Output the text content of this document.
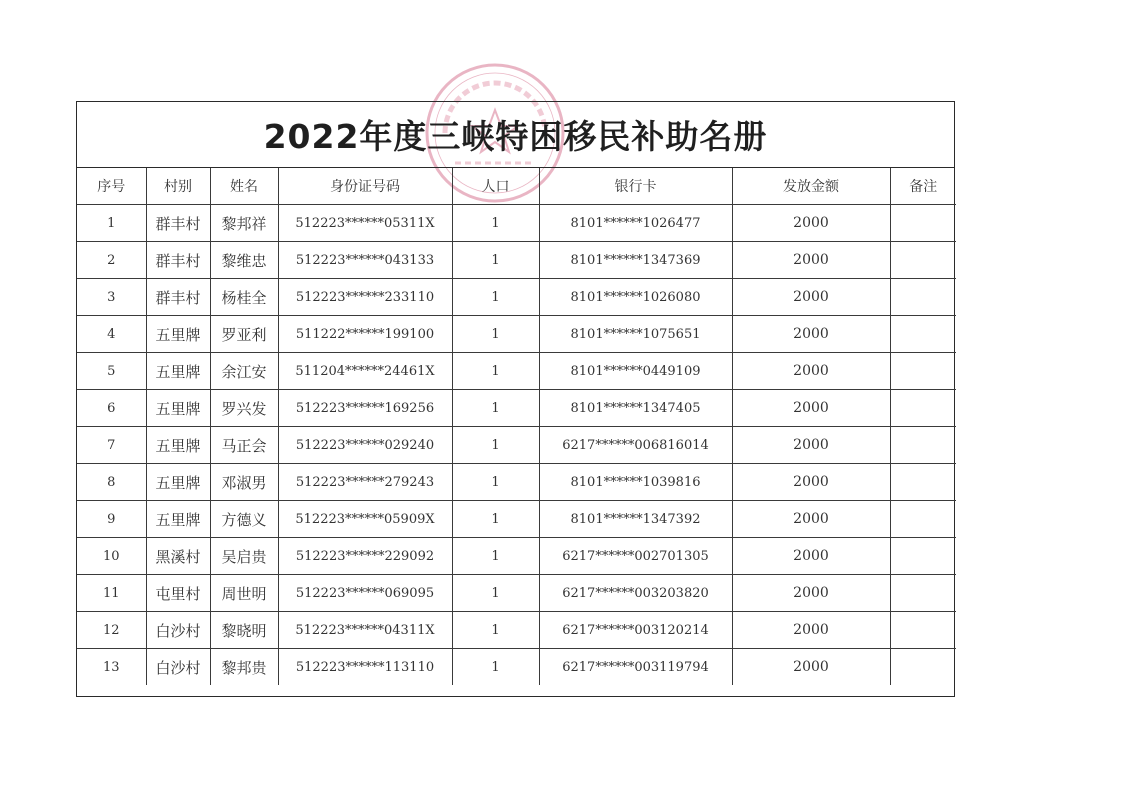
2022年度三峡特困移民补助名册
序号	村别	姓名	身份证号码	人口	银行卡	发放金额	备注
1	群丰村	黎邦祥	512223******05311X	1	8101******1026477	2000	
2	群丰村	黎维忠	512223******043133	1	8101******1347369	2000	
3	群丰村	杨桂全	512223******233110	1	8101******1026080	2000	
4	五里牌	罗亚利	511222******199100	1	8101******1075651	2000	
5	五里牌	余江安	511204******24461X	1	8101******0449109	2000	
6	五里牌	罗兴发	512223******169256	1	8101******1347405	2000	
7	五里牌	马正会	512223******029240	1	6217******006816014	2000	
8	五里牌	邓淑男	512223******279243	1	8101******1039816	2000	
9	五里牌	方德义	512223******05909X	1	8101******1347392	2000	
10	黑溪村	吴启贵	512223******229092	1	6217******002701305	2000	
11	屯里村	周世明	512223******069095	1	6217******003203820	2000	
12	白沙村	黎晓明	512223******04311X	1	6217******003120214	2000	
13	白沙村	黎邦贵	512223******113110	1	6217******003119794	2000	
